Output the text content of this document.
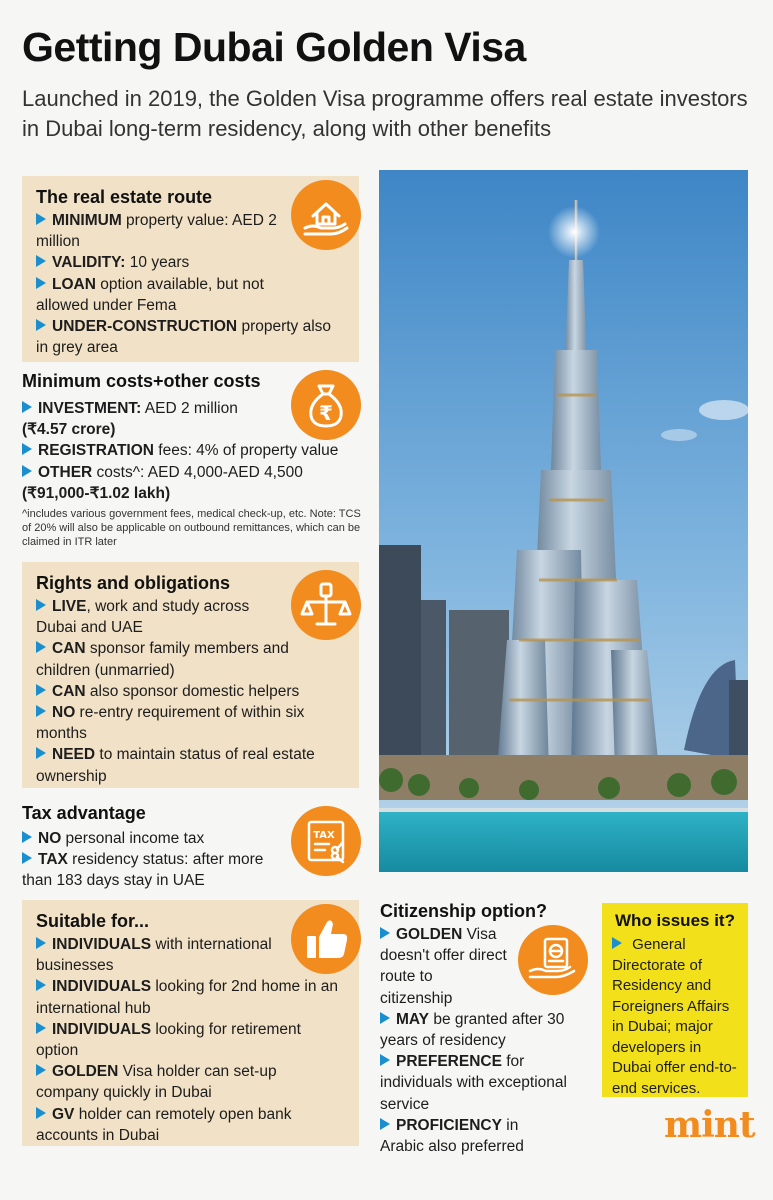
Getting Dubai Golden Visa
Launched in 2019, the Golden Visa programme offers real estate investors in Dubai long-term residency, along with other benefits
The real estate route
MINIMUM property value: AED 2 million
VALIDITY: 10 years
LOAN option available, but not allowed under Fema
UNDER-CONSTRUCTION property also in grey area
Minimum costs+other costs
INVESTMENT: AED 2 million
(₹4.57 crore)
REGISTRATION fees: 4% of property value
OTHER costs^: AED 4,000-AED 4,500
(₹91,000-₹1.02 lakh)
^includes various government fees, medical check-up, etc. Note: TCS of 20% will also be applicable on outbound remittances, which can be claimed in ITR later
₹
Rights and obligations
LIVE, work and study across Dubai and UAE
CAN sponsor family members and children (unmarried)
CAN also sponsor domestic helpers
NO re-entry requirement of within six months
NEED to maintain status of real estate ownership
Tax advantage
NO personal income tax
TAX residency status: after more than 183 days stay in UAE
TAX
Suitable for...
INDIVIDUALS with international businesses
INDIVIDUALS looking for 2nd home in an international hub
INDIVIDUALS looking for retirement option
GOLDEN Visa holder can set-up company quickly in Dubai
GV holder can remotely open bank accounts in Dubai
Citizenship option?
GOLDEN Visa doesn't offer direct route to citizenship
MAY be granted after 30 years of residency
PREFERENCE for individuals with exceptional service
PROFICIENCY in Arabic also preferred
Who issues it?
General Directorate of Residency and Foreigners Affairs in Dubai; major developers in Dubai offer end-to-end services.
mint
